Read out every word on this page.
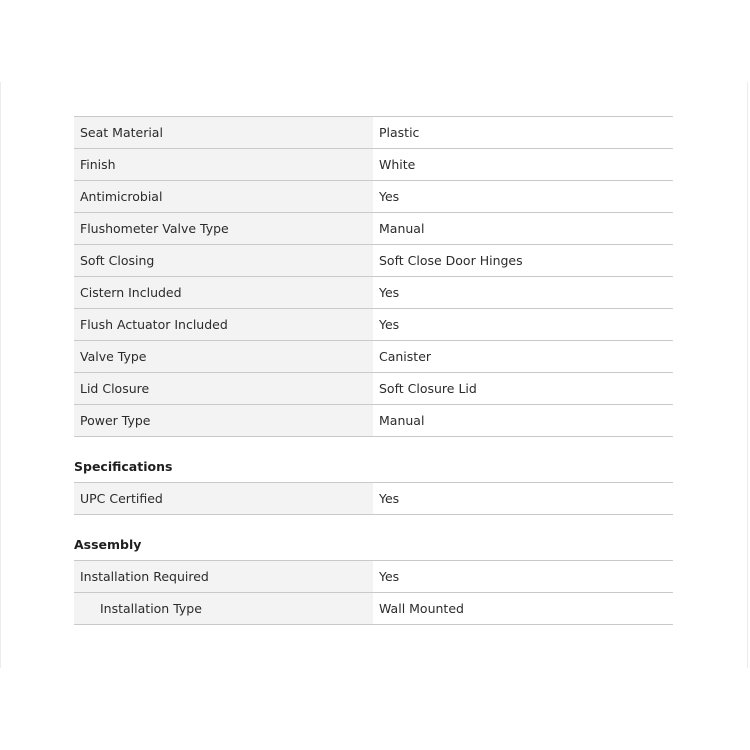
Seat Material	Plastic
Finish	White
Antimicrobial	Yes
Flushometer Valve Type	Manual
Soft Closing	Soft Close Door Hinges
Cistern Included	Yes
Flush Actuator Included	Yes
Valve Type	Canister
Lid Closure	Soft Closure Lid
Power Type	Manual
Specifications
UPC Certified	Yes
Assembly
Installation Required	Yes
Installation Type	Wall Mounted
